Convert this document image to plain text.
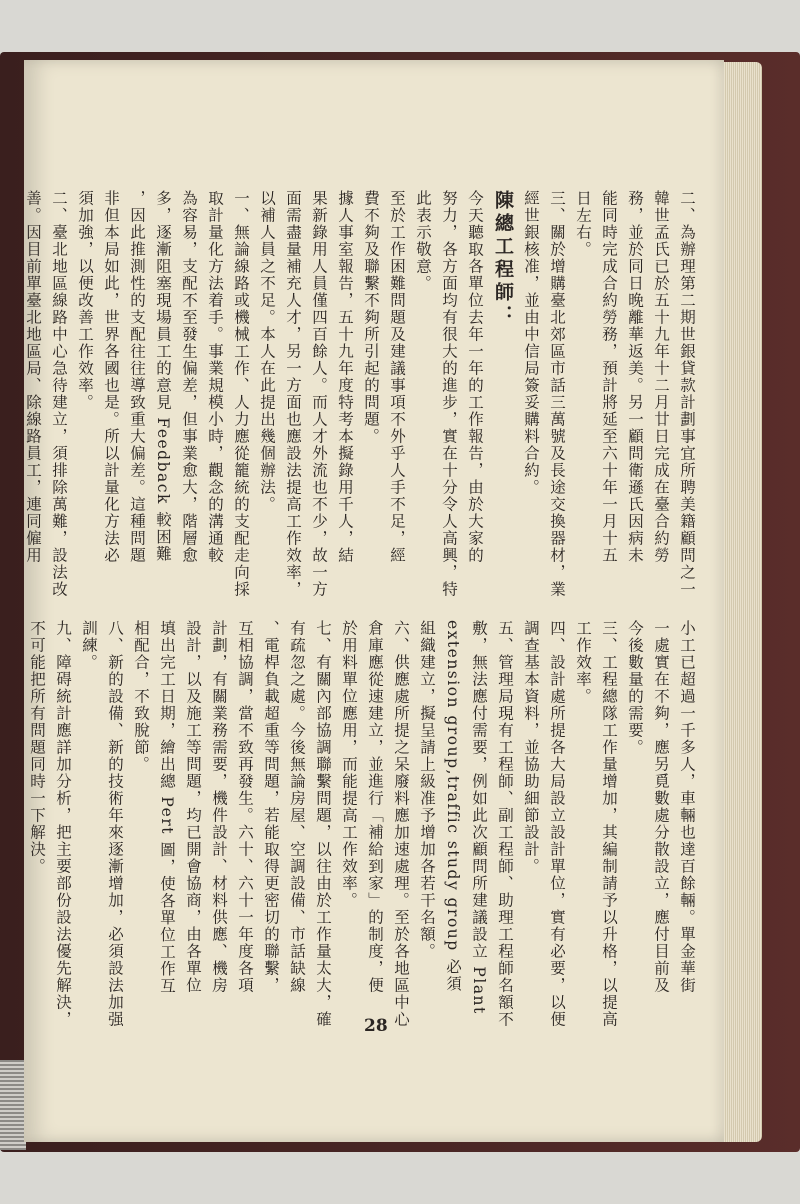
二、為辦理第二期世銀貸款計劃事宜所聘美籍顧問之一
韓世孟氏已於五十九年十二月廿日完成在臺合約勞
務，並於同日晚離華返美。另一顧問衛遜氏因病未
能同時完成合約勞務，預計將延至六十年一月十五
日左右。
三、關於增購臺北郊區市話三萬號及長途交換器材，業
經世銀核准，並由中信局簽妥購料合約。
陳總工程師：
今天聽取各單位去年一年的工作報告，由於大家的
努力，各方面均有很大的進步，實在十分令人高興，特
此表示敬意。
至於工作困難問題及建議事項不外乎人手不足，經
費不夠及聯繫不夠所引起的問題。
據人事室報告，五十九年度特考本擬錄用千人，結
果新錄用人員僅四百餘人。而人才外流也不少，故一方
面需盡量補充人才，另一方面也應設法提高工作效率，
以補人員之不足。本人在此提出幾個辦法。
一、無論線路或機械工作、人力應從籠統的支配走向採
取計量化方法着手。事業規模小時，觀念的溝通較
為容易，支配不至發生偏差，但事業愈大，階層愈
多，逐漸阻塞現場員工的意見 Feedback 較困難
，因此推測性的支配往往導致重大偏差。這種問題
非但本局如此，世界各國也是。所以計量化方法必
須加強，以便改善工作效率。
二、臺北地區線路中心急待建立，須排除萬難，設法改
善。因目前單臺北地區局、除線路員工，連同僱用
小工已超過一千多人，車輛也達百餘輛。單金華街
一處實在不夠，應另覓數處分散設立，應付目前及
今後數量的需要。
三、工程總隊工作量增加，其編制請予以升格，以提高
工作效率。
四、設計處所提各大局設立設計單位，實有必要，以便
調查基本資料，並協助細節設計。
五、管理局現有工程師、副工程師、助理工程師名額不
敷，無法應付需要，例如此次顧問所建議設立 Plant
extension group,traffic study group 必須
組織建立，擬呈請上級准予增加各若干名額。
六、供應處所提之呆廢料應加速處理。至於各地區中心
倉庫應從速建立，並進行「補給到家」的制度，便
於用料單位應用，而能提高工作效率。
七、有關內部協調聯繫問題，以往由於工作量太大，確
有疏忽之處。今後無論房屋、空調設備、市話缺線
、電桿負載超重等問題，若能取得更密切的聯繫，
互相協調，當不致再發生。六十、六十一年度各項
計劃，有關業務需要，機件設計、材料供應、機房
設計，以及施工等問題，均已開會協商，由各單位
填出完工日期，繪出總 Pert 圖，使各單位工作互
相配合，不致脫節。
八、新的設備、新的技術年來逐漸增加，必須設法加强
訓練。
九、障碍統計應詳加分析，把主要部份設法優先解決，
不可能把所有問題同時一下解決。
28
